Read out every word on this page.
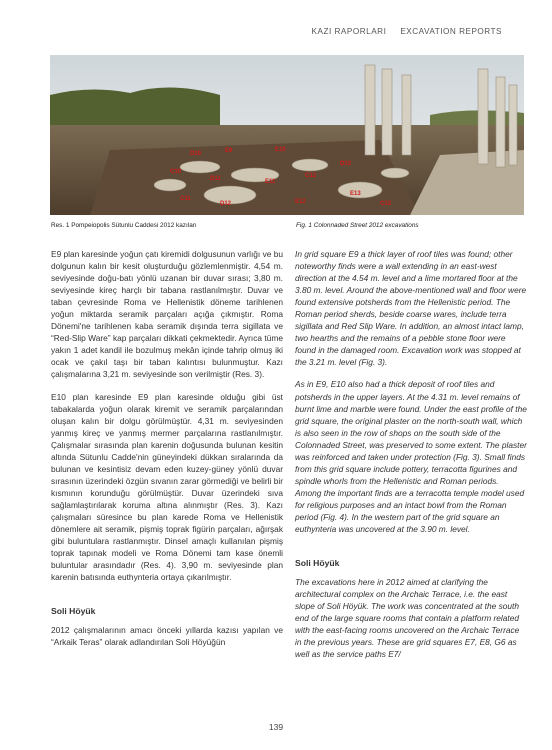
KAZI RAPORLARI EXCAVATION REPORTS
D10	E9	E10
D11	E11
D12	E12
D13
E13
C10
C11
C12
C13
Res. 1 Pompeiopolis Sütunlu Caddesi 2012 kazıları	Fig. 1 Colonnaded Street 2012 excavations

E9 plan karesinde yoğun çatı kiremidi dolgusunun varlığı ve bu dolgunun kalın bir kesit oluşturduğu gözlemlenmiştir. 4,54 m. seviyesinde doğu-batı yönlü uzanan bir duvar sırası; 3,80 m. seviyesinde kireç harçlı bir tabana rastlanılmıştır. Duvar ve taban çevresinde Roma ve Hellenistik döneme tarihlenen yoğun miktarda seramik parçaları açığa çıkmıştır. Roma Dönemi'ne tarihlenen kaba seramik dışında terra sigillata ve “Red-Slip Ware” kap parçaları dikkati çekmektedir. Ayrıca tüme yakın 1 adet kandil ile bozulmuş mekân içinde tahrip olmuş iki ocak ve çakıl taşı bir taban kalıntısı bulunmuştur. Kazı çalışmalarına 3,21 m. seviyesinde son verilmiştir (Res. 3).

E10 plan karesinde E9 plan karesinde olduğu gibi üst tabakalarda yoğun olarak kiremit ve seramik parçalarından oluşan kalın bir dolgu görülmüştür. 4,31 m. seviyesinden yanmış kireç ve yanmış mermer parçalarına rastlanılmıştır. Çalışmalar sırasında plan karenin doğusunda bulunan kesitin altında Sütunlu Cadde'nin güneyindeki dükkan sıralarında da bulunan ve kesintisiz devam eden kuzey-güney yönlü duvar sırasının üzerindeki özgün sıvanın zarar görmediği ve belirli bir kısmının korunduğu görülmüştür. Duvar üzerindeki sıva sağlamlaştırılarak koruma altına alınmıştır (Res. 3). Kazı çalışmaları süresince bu plan karede Roma ve Hellenistik dönemlere ait seramik, pişmiş toprak figürin parçaları, ağırşak gibi buluntulara rastlanmıştır. Dinsel amaçlı kullanılan pişmiş toprak tapınak modeli ve Roma Dönemi tam kase önemli buluntular arasındadır (Res. 4). 3,90 m. seviyesinde plan karenin batısında euthynteria ortaya çıkarılmıştır.

Soli Höyük

2012 çalışmalarının amacı önceki yıllarda kazısı yapılan ve “Arkaik Teras” olarak adlandırılan Soli Höyüğün

In grid square E9 a thick layer of roof tiles was found; other noteworthy finds were a wall extending in an east-west direction at the 4.54 m. level and a lime mortared floor at the 3.80 m. level. Around the above-mentioned wall and floor were found extensive potsherds from the Hellenistic period. The Roman period sherds, beside coarse wares, include terra sigillata and Red Slip Ware. In addition, an almost intact lamp, two hearths and the remains of a pebble stone floor were found in the damaged room. Excavation work was stopped at the 3.21 m. level (Fig. 3).

As in E9, E10 also had a thick deposit of roof tiles and potsherds in the upper layers. At the 4.31 m. level remains of burnt lime and marble were found. Under the east profile of the grid square, the original plaster on the north-south wall, which is also seen in the row of shops on the south side of the Colonnaded Street, was preserved to some extent. The plaster was reinforced and taken under protection (Fig. 3). Small finds from this grid square include pottery, terracotta figurines and spindle whorls from the Hellenistic and Roman periods. Among the important finds are a terracotta temple model used for religious purposes and an intact bowl from the Roman period (Fig. 4). In the western part of the grid square an euthynteria was uncovered at the 3.90 m. level.

Soli Höyük

The excavations here in 2012 aimed at clarifying the architectural complex on the Archaic Terrace, i.e. the east slope of Soli Höyük. The work was concentrated at the south end of the large square rooms that contain a platform related with the east-facing rooms uncovered on the Archaic Terrace in the previous years. These are grid squares E7, E8, G6 as well as the service paths E7/

139
